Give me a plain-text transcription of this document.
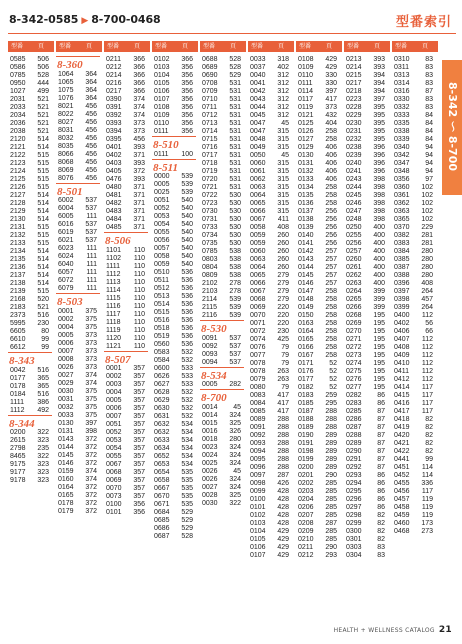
8-342-0585 ▶ 8-700-0468	型番索引
8-342 ～ 8-700
型番 頁
0585	506
0586	506
0785	528
0950	444
1027	499
2031	521
2033	521
2034	521
2036	521
2038	521
2120	514
2121	514
2122	515
2123	515
2124	515
2125	515
2126	515
2127	514
2128	514
2129	514
2130	514
2131	515
2132	515
2133	515
2134	514
2135	514
2136	514
2137	514
2138	514
2139	515
2168	520
2183	521
2373	516
5995	230
6605	80
6610	99
6612	99
8-343
0042	516
0177	365
0178	365
0184	516
1111	386
1112	492
8-344
0200	322
2615	323
2798	235
8465	322
9175	323
9177	323
9178	323
型番 頁
8-360
1064	364
1065	364
1075	364
1076	364
8021	456
8022	456
8027	456
8031	456
8032	456
8035	456
8066	456
8068	456
8069	456
8076	456
8-501
6002	537
6004	537
6005	111
6016	537
6019	537
6021	537
6023	111
6024	111
6040	111
6057	111
6072	111
6079	111
8-503
0001	375
0002	375
0004	375
0005	373
0006	373
0007	373
0008	373
0026	373
0027	374
0029	374
0030	375
0031	375
0032	375
0033	375
0130	397
0131	398
0143	372
0144	372
0145	372
0146	372
0159	374
0160	374
0164	372
0165	372
0178	372
0179	372
型番 頁
0211	366
0212	366
0214	366
0216	366
0217	366
0390	374
0391	374
0392	374
0393	373
0394	373
0395	456
0401	393
0402	371
0403	393
0405	372
0476	393
0480	371
0481	371
0482	371
0483	371
0484	371
0485	371
8-506
1101	110
1102	110
1111	110
1112	110
1113	110
1114	110
1115	110
1116	110
1117	110
1118	110
1119	110
1120	110
1121	110
8-507
0001	357
0002	357
0003	357
0004	357
0005	357
0006	357
0007	357
0051	357
0052	357
0053	357
0054	357
0055	357
0067	357
0068	357
0069	357
0070	357
0073	357
0100	356
0101	356
型番 頁
0102	366
0103	356
0104	356
0105	356
0106	356
0107	356
0108	356
0109	356
0110	356
0111	356
8-510
0111	100
8-511
0000	539
0005	539
0025	539
0051	540
0052	540
0053	540
0054	540
0055	540
0056	540
0057	540
0058	540
0059	540
0510	536
0511	536
0512	536
0513	536
0514	536
0515	536
0516	536
0518	536
0519	536
0560	536
0583	532
0584	532
0600	533
0626	533
0627	533
0628	532
0629	532
0630	532
0631	532
0632	534
0632	534
0633	534
0634	534
0652	534
0653	534
0654	535
0658	535
0667	535
0670	535
0671	535
0684	529
0685	529
0686	529
0687	528
型番 頁
0688	528
0689	528
0690	529
0708	531
0709	531
0710	531
0711	531
0712	531
0713	531
0714	531
0715	531
0716	531
0717	531
0718	531
0719	531
0720	531
0721	531
0722	530
0723	530
0730	530
0731	530
0733	530
0734	530
0735	530
0785	538
0803	538
0804	538
0809	538
2102	278
2103	278
2114	539
2115	539
2116	539
8-530
0091	537
0092	537
0093	537
0094	537
8-534
0005	282
8-700
0014	45
0014	324
0015	325
0016	326
0018	280
0023	324
0024	324
0025	324
0026	45
0026	324
0027	324
0028	325
0030	322
型番 頁
0033	318
0037	402
0040	312
0041	312
0042	312
0043	312
0044	312
0045	312
0047	45
0047	315
0048	315
0049	315
0050	45
0060	315
0061	315
0062	315
0063	315
0064	315
0065	315
0066	315
0067	411
0058	408
0059	260
0059	260
0060	260
0063	260
0064	260
0065	279
0066	279
0067	279
0068	279
0069	220
0070	220
0071	220
0072	230
0074	425
0076	79
0077	79
0078	79
0078	263
0079	263
0080	79
0083	417
0084	417
0085	417
0089	288
0091	288
0092	288
0093	288
0094	288
0095	288
0096	288
0097	287
0098	426
0099	428
0100	428
0101	428
0102	428
0103	428
0104	429
0105	429
0106	429
0107	429
型番 頁
0108	429
0109	429
0110	330
0111	330
0114	397
0117	417
0119	373
0121	432
0125	404
0126	258
0127	258
0129	406
0130	406
0131	406
0132	406
0133	406
0134	258
0135	258
0136	258
0137	256
0138	256
0139	256
0140	256
0141	256
0142	257
0143	257
0144	257
0145	257
0146	257
0147	258
0148	258
0149	258
0150	258
0163	258
0164	258
0165	258
0166	258
0167	258
0171	52
0176	52
0177	52
0182	52
0183	259
0185	295
0187	288
0188	288
0189	288
0190	289
0191	289
0198	289
0199	289
0200	289
0201	290
0202	285
0203	285
0204	285
0206	285
0207	285
0208	287
0209	285
0210	285
0211	290
0212	293
型番 頁
0213	393
0214	393
0215	394
0217	394
0218	394
0223	397
0228	395
0229	395
0230	395
0231	395
0232	395
0238	396
0239	396
0240	396
0241	396
0243	398
0244	398
0245	398
0246	398
0247	398
0248	398
0250	400
0255	400
0256	400
0257	400
0260	400
0261	400
0262	400
0263	400
0264	399
0265	399
0266	399
0268	195
0269	195
0270	195
0271	195
0272	195
0273	195
0274	195
0275	195
0276	195
0277	195
0282	86
0283	86
0285	87
0286	87
0287	87
0288	87
0289	87
0290	87
0291	87
0292	87
0293	86
0294	86
0295	86
0296	86
0297	86
0298	82
0299	82
0300	82
0301	82
0303	83
0304	83
型番 頁
0310	83
0311	83
0313	83
0314	83
0316	87
0330	83
0332	83
0333	84
0335	84
0338	84
0339	84
0340	94
0342	94
0347	94
0348	94
0356	97
0360	102
0361	102
0362	102
0363	102
0365	102
0370	229
0382	281
0383	281
0384	280
0385	280
0387	280
0388	280
0396	408
0397	264
0398	457
0399	264
0400	112
0402	56
0406	66
0407	112
0408	112
0409	112
0410	112
0411	112
0412	112
0414	117
0415	117
0416	117
0417	117
0418	82
0419	82
0420	82
0421	82
0422	82
0441	99
0451	114
0452	114
0455	336
0456	117
0457	119
0458	119
0459	119
0460	173
0468	273
HEALTH + WELLNESS CATALOG 21
